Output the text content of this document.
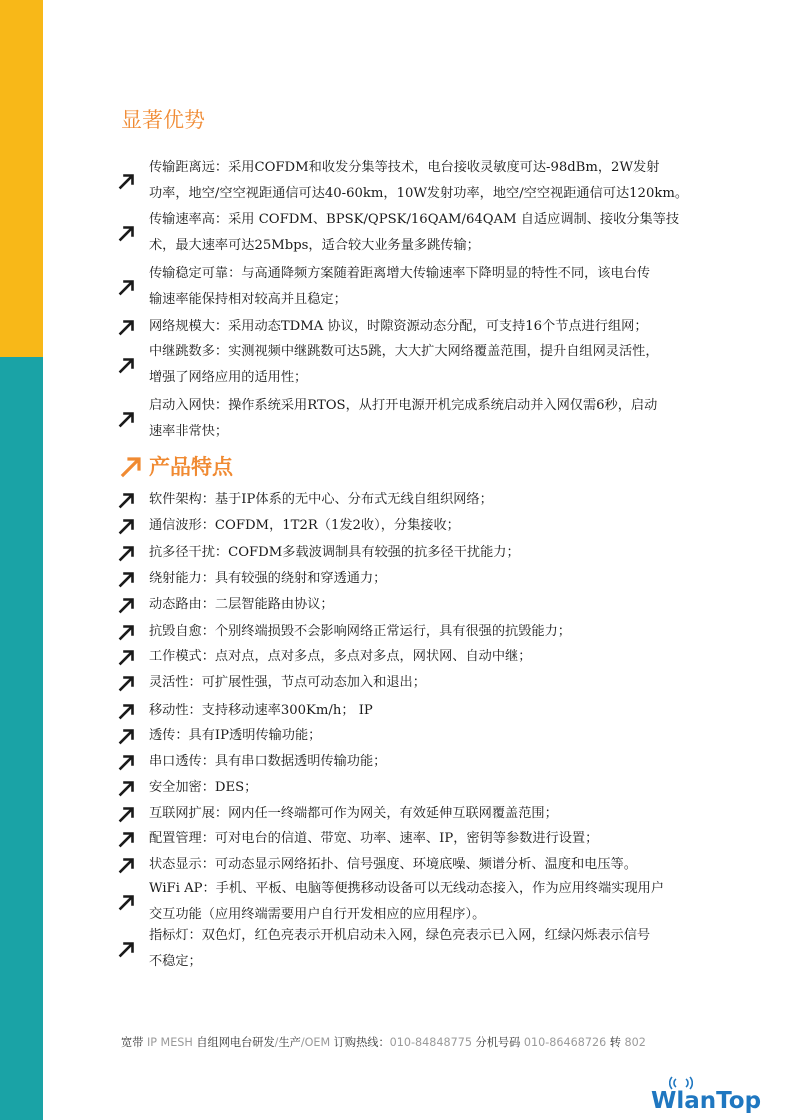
显著优势
传输距离远：采用COFDM和收发分集等技术，电台接收灵敏度可达-98dBm，2W发射
功率，地空/空空视距通信可达40-60km，10W发射功率，地空/空空视距通信可达120km。
传输速率高：采用 COFDM、BPSK/QPSK/16QAM/64QAM 自适应调制、接收分集等技
术，最大速率可达25Mbps，适合较大业务量多跳传输；
传输稳定可靠：与高通降频方案随着距离增大传输速率下降明显的特性不同，该电台传
输速率能保持相对较高并且稳定；
网络规模大：采用动态TDMA 协议，时隙资源动态分配，可支持16个节点进行组网；
中继跳数多：实测视频中继跳数可达5跳，大大扩大网络覆盖范围，提升自组网灵活性，
增强了网络应用的适用性；
启动入网快：操作系统采用RTOS，从打开电源开机完成系统启动并入网仅需6秒，启动
速率非常快；
产品特点
软件架构：基于IP体系的无中心、分布式无线自组织网络；
通信波形：COFDM，1T2R（1发2收），分集接收；
抗多径干扰：COFDM多载波调制具有较强的抗多径干扰能力；
绕射能力：具有较强的绕射和穿透通力；
动态路由：二层智能路由协议；
抗毁自愈：个别终端损毁不会影响网络正常运行，具有很强的抗毁能力；
工作模式：点对点，点对多点，多点对多点，网状网、自动中继；
灵活性：可扩展性强，节点可动态加入和退出；
移动性：支持移动速率300Km/h； IP
透传：具有IP透明传输功能；
串口透传：具有串口数据透明传输功能；
安全加密：DES；
互联网扩展：网内任一终端都可作为网关，有效延伸互联网覆盖范围；
配置管理：可对电台的信道、带宽、功率、速率、IP，密钥等参数进行设置；
状态显示：可动态显示网络拓扑、信号强度、环境底噪、频谱分析、温度和电压等。
WiFi AP：手机、平板、电脑等便携移动设备可以无线动态接入，作为应用终端实现用户
交互功能（应用终端需要用户自行开发相应的应用程序）。
指标灯：双色灯，红色亮表示开机启动未入网，绿色亮表示已入网，红绿闪烁表示信号
不稳定；
宽带 IP MESH 自组网电台研发/生产/OEM 订购热线：010-84848775 分机号码 010-86468726 转 802
WlanTop
